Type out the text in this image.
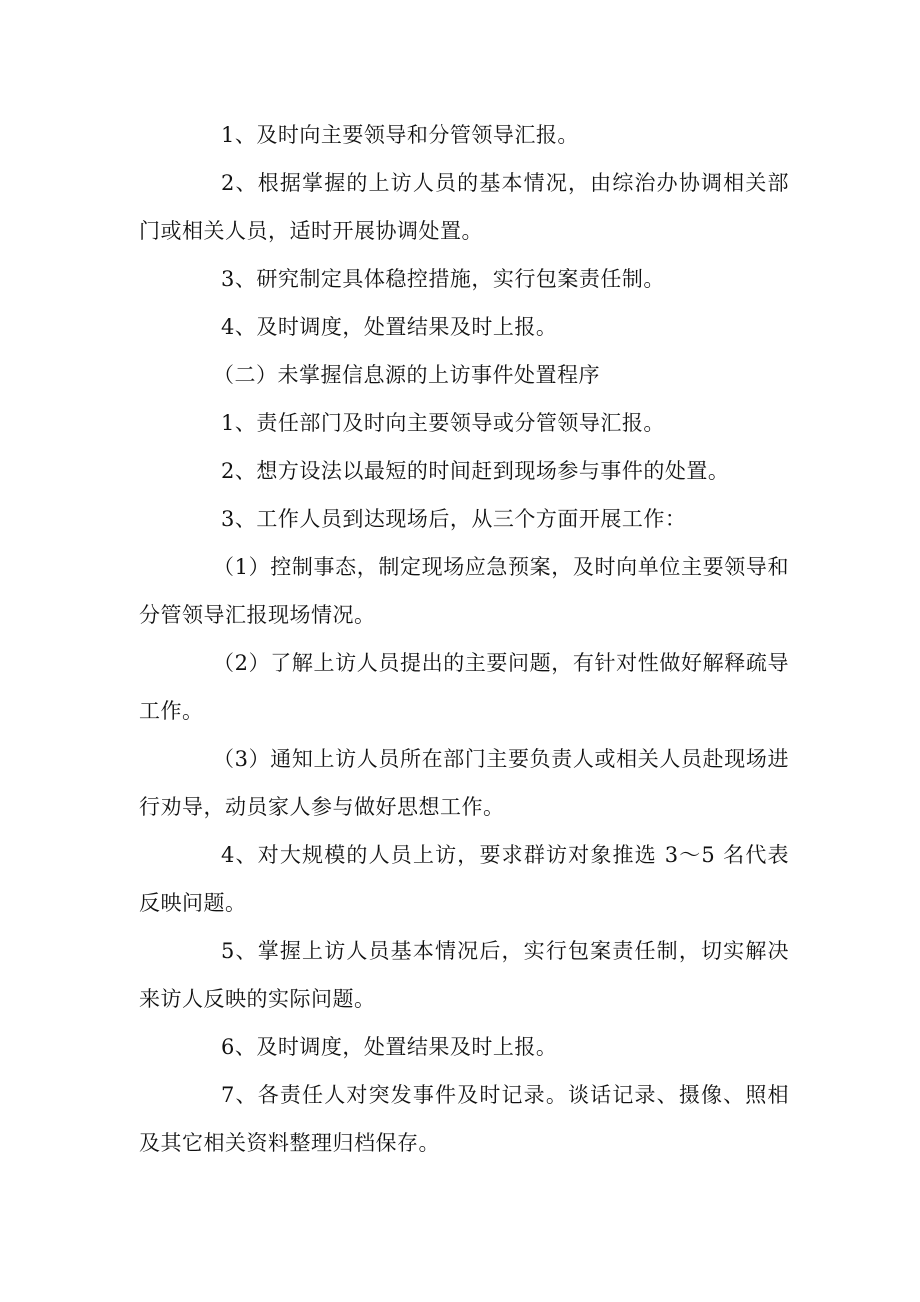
1、及时向主要领导和分管领导汇报。

2、根据掌握的上访人员的基本情况，由综治办协调相关部门或相关人员，适时开展协调处置。

3、研究制定具体稳控措施，实行包案责任制。

4、及时调度，处置结果及时上报。

（二）未掌握信息源的上访事件处置程序

1、责任部门及时向主要领导或分管领导汇报。

2、想方设法以最短的时间赶到现场参与事件的处置。

3、工作人员到达现场后，从三个方面开展工作：

（1）控制事态，制定现场应急预案，及时向单位主要领导和分管领导汇报现场情况。

（2）了解上访人员提出的主要问题，有针对性做好解释疏导工作。

（3）通知上访人员所在部门主要负责人或相关人员赴现场进行劝导，动员家人参与做好思想工作。

4、对大规模的人员上访，要求群访对象推选 3～5 名代表反映问题。

5、掌握上访人员基本情况后，实行包案责任制，切实解决来访人反映的实际问题。

6、及时调度，处置结果及时上报。

7、各责任人对突发事件及时记录。谈话记录、摄像、照相及其它相关资料整理归档保存。
